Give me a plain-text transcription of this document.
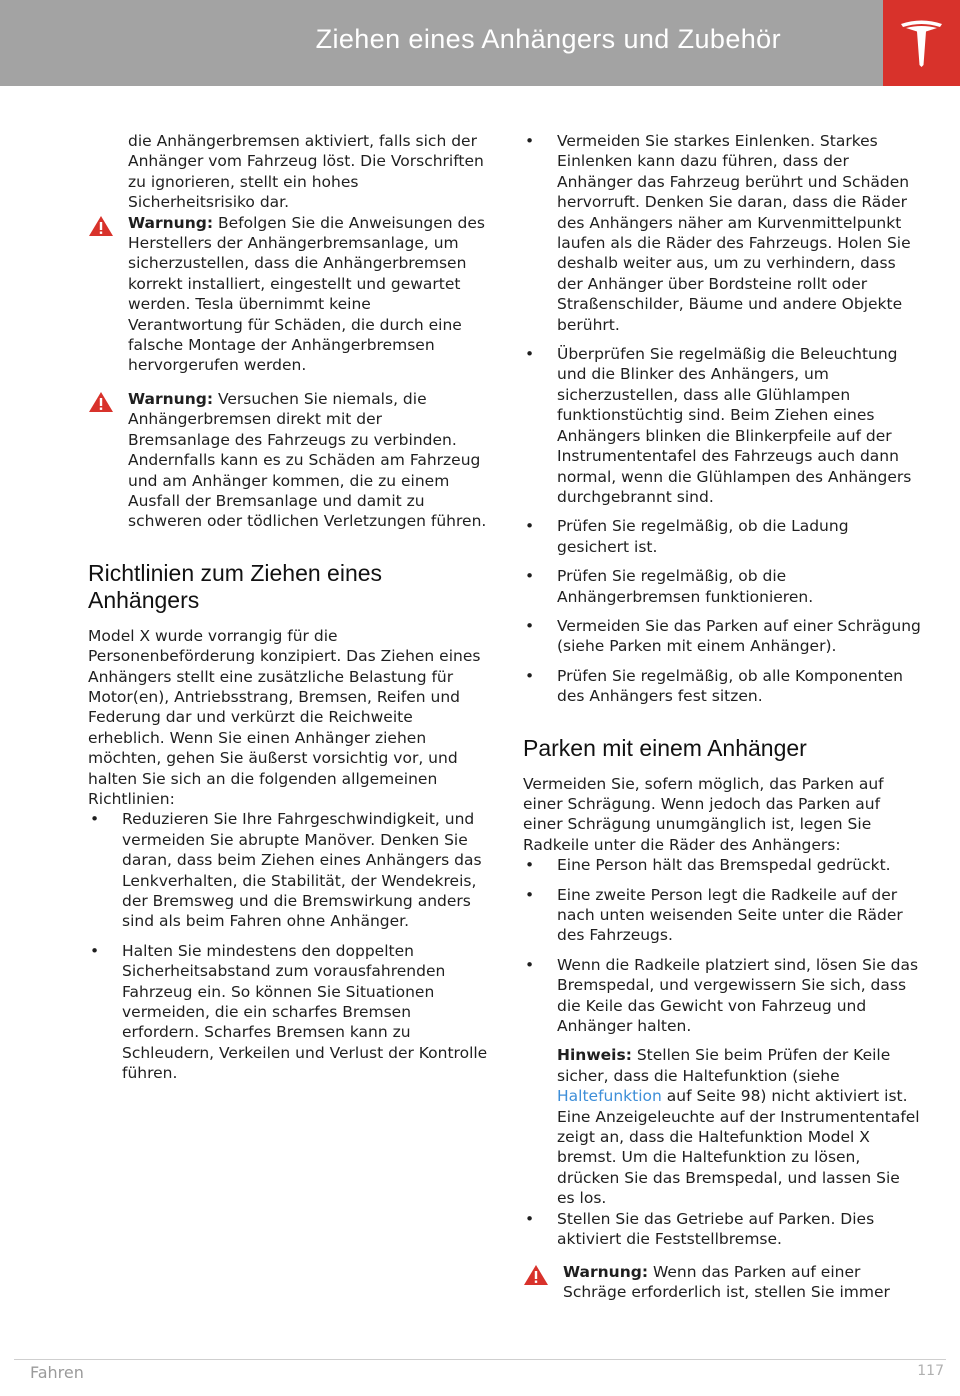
Ziehen eines Anhängers und Zubehör

die Anhängerbremsen aktiviert, falls sich der Anhänger vom Fahrzeug löst. Die Vorschriften zu ignorieren, stellt ein hohes Sicherheitsrisiko dar.

Warnung: Befolgen Sie die Anweisungen des Herstellers der Anhängerbremsanlage, um sicherzustellen, dass die Anhängerbremsen korrekt installiert, eingestellt und gewartet werden. Tesla übernimmt keine Verantwortung für Schäden, die durch eine falsche Montage der Anhängerbremsen hervorgerufen werden.
Warnung: Versuchen Sie niemals, die Anhängerbremsen direkt mit der Bremsanlage des Fahrzeugs zu verbinden. Andernfalls kann es zu Schäden am Fahrzeug und am Anhänger kommen, die zu einem Ausfall der Bremsanlage und damit zu schweren oder tödlichen Verletzungen führen.
Richtlinien zum Ziehen eines Anhängers

Model X wurde vorrangig für die Personenbeförderung konzipiert. Das Ziehen eines Anhängers stellt eine zusätzliche Belastung für Motor(en), Antriebsstrang, Bremsen, Reifen und Federung dar und verkürzt die Reichweite erheblich. Wenn Sie einen Anhänger ziehen möchten, gehen Sie äußerst vorsichtig vor, und halten Sie sich an die folgenden allgemeinen Richtlinien:

• Reduzieren Sie Ihre Fahrgeschwindigkeit, und vermeiden Sie abrupte Manöver. Denken Sie daran, dass beim Ziehen eines Anhängers das Lenkverhalten, die Stabilität, der Wendekreis, der Bremsweg und die Bremswirkung anders sind als beim Fahren ohne Anhänger.
• Halten Sie mindestens den doppelten Sicherheitsabstand zum vorausfahrenden Fahrzeug ein. So können Sie Situationen vermeiden, die ein scharfes Bremsen erfordern. Scharfes Bremsen kann zu Schleudern, Verkeilen und Verlust der Kontrolle führen.
• Vermeiden Sie starkes Einlenken. Starkes Einlenken kann dazu führen, dass der Anhänger das Fahrzeug berührt und Schäden hervorruft. Denken Sie daran, dass die Räder des Anhängers näher am Kurvenmittelpunkt laufen als die Räder des Fahrzeugs. Holen Sie deshalb weiter aus, um zu verhindern, dass der Anhänger über Bordsteine rollt oder Straßenschilder, Bäume und andere Objekte berührt.
• Überprüfen Sie regelmäßig die Beleuchtung und die Blinker des Anhängers, um sicherzustellen, dass alle Glühlampen funktionstüchtig sind. Beim Ziehen eines Anhängers blinken die Blinkerpfeile auf der Instrumententafel des Fahrzeugs auch dann normal, wenn die Glühlampen des Anhängers durchgebrannt sind.
• Prüfen Sie regelmäßig, ob die Ladung gesichert ist.
• Prüfen Sie regelmäßig, ob die Anhängerbremsen funktionieren.
• Vermeiden Sie das Parken auf einer Schrägung (siehe Parken mit einem Anhänger).
• Prüfen Sie regelmäßig, ob alle Komponenten des Anhängers fest sitzen.
Parken mit einem Anhänger

Vermeiden Sie, sofern möglich, das Parken auf einer Schrägung. Wenn jedoch das Parken auf einer Schrägung unumgänglich ist, legen Sie Radkeile unter die Räder des Anhängers:

• Eine Person hält das Bremspedal gedrückt.
• Eine zweite Person legt die Radkeile auf der nach unten weisenden Seite unter die Räder des Fahrzeugs.
• Wenn die Radkeile platziert sind, lösen Sie das Bremspedal, und vergewissern Sie sich, dass die Keile das Gewicht von Fahrzeug und Anhänger halten.

Hinweis: Stellen Sie beim Prüfen der Keile sicher, dass die Haltefunktion (siehe Haltefunktion auf Seite 98) nicht aktiviert ist. Eine Anzeigeleuchte auf der Instrumententafel zeigt an, dass die Haltefunktion Model X bremst. Um die Haltefunktion zu lösen, drücken Sie das Bremspedal, und lassen Sie es los.

• Stellen Sie das Getriebe auf Parken. Dies aktiviert die Feststellbremse.
Warnung: Wenn das Parken auf einer Schräge erforderlich ist, stellen Sie immer
Fahren	117
